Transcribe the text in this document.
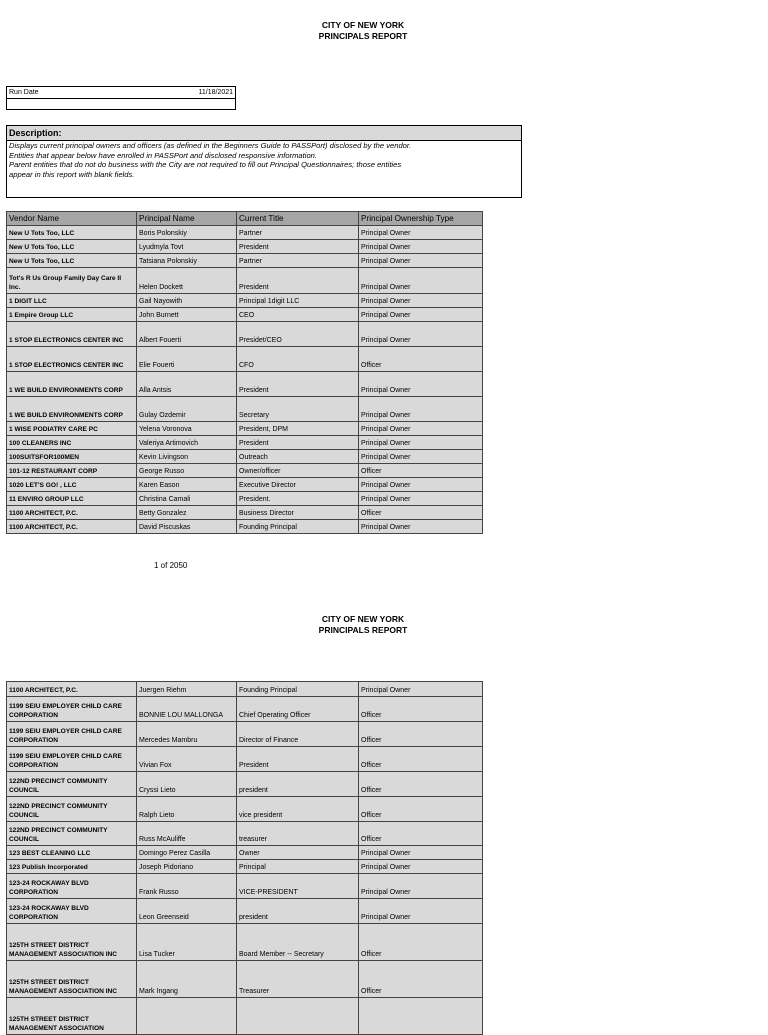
CITY OF NEW YORK
PRINCIPALS REPORT
Run Date	11/18/2021
Description:
Displays current principal owners and officers (as defined in the Beginners Guide to PASSPort) disclosed by the vendor.
Entities that appear below have enrolled in PASSPort and disclosed responsive information.
Parent entities that do not do business with the City are not required to fill out Principal Questionnaires; those entities
appear in this report with blank fields.
Vendor Name	Principal Name	Current Title	Principal Ownership Type
New U Tots Too, LLC	Boris Polonskiy	Partner	Principal Owner
New U Tots Too, LLC	Lyudmyla Tovt	President	Principal Owner
New U Tots Too, LLC	Tatsiana Polonskiy	Partner	Principal Owner
Tot's R Us Group Family Day Care II Inc.	Helen Dockett	President	Principal Owner
1 DIGIT LLC	Gail Nayowith	Principal 1digit LLC	Principal Owner
1 Empire Group LLC	John Burnett	CEO	Principal Owner
1 STOP ELECTRONICS CENTER INC	Albert Fouerti	Presidet/CEO	Principal Owner
1 STOP ELECTRONICS CENTER INC	Elie Fouerti	CFO	Officer
1 WE BUILD ENVIRONMENTS CORP	Alla Antsis	President	Principal Owner
1 WE BUILD ENVIRONMENTS CORP	Gulay Ozdemir	Secretary	Principal Owner
1 WISE PODIATRY CARE PC	Yelena Voronova	President, DPM	Principal Owner
100 CLEANERS INC	Valeriya Artimovich	President	Principal Owner
100SUITSFOR100MEN	Kevin Livingson	Outreach	Principal Owner
101-12 RESTAURANT CORP	George Russo	Owner/officer	Officer
1020 LET'S GO! , LLC	Karen Eason	Executive Director	Principal Owner
11 ENVIRO GROUP LLC	Christina Camali	President.	Principal Owner
1100 ARCHITECT, P.C.	Betty Gonzalez	Business Director	Officer
1100 ARCHITECT, P.C.	David Piscuskas	Founding Principal	Principal Owner
1 of 2050
CITY OF NEW YORK
PRINCIPALS REPORT
1100 ARCHITECT, P.C.	Juergen Riehm	Founding Principal	Principal Owner
1199 SEIU EMPLOYER CHILD CARE CORPORATION	BONNIE LOU MALLONGA	Chief Operating Officer	Officer
1199 SEIU EMPLOYER CHILD CARE CORPORATION	Mercedes Mambru	Director of Finance	Officer
1199 SEIU EMPLOYER CHILD CARE CORPORATION	Vivian Fox	President	Officer
122ND PRECINCT COMMUNITY COUNCIL	Cryssi Lieto	president	Officer
122ND PRECINCT COMMUNITY COUNCIL	Ralph Lieto	vice president	Officer
122ND PRECINCT COMMUNITY COUNCIL	Russ McAuliffe	treasurer	Officer
123 BEST CLEANING LLC	Domingo Perez Casilla	Owner	Principal Owner
123 Publish Incorporated	Joseph Pidoriano	Principal	Principal Owner
123-24 ROCKAWAY BLVD CORPORATION	Frank Russo	VICE-PRESIDENT	Principal Owner
123-24 ROCKAWAY BLVD CORPORATION	Leon Greenseid	president	Principal Owner
125TH STREET DISTRICT MANAGEMENT ASSOCIATION INC	Lisa Tucker	Board Member -- Secretary	Officer
125TH STREET DISTRICT MANAGEMENT ASSOCIATION INC	Mark Ingang	Treasurer	Officer
125TH STREET DISTRICT MANAGEMENT ASSOCIATION			
